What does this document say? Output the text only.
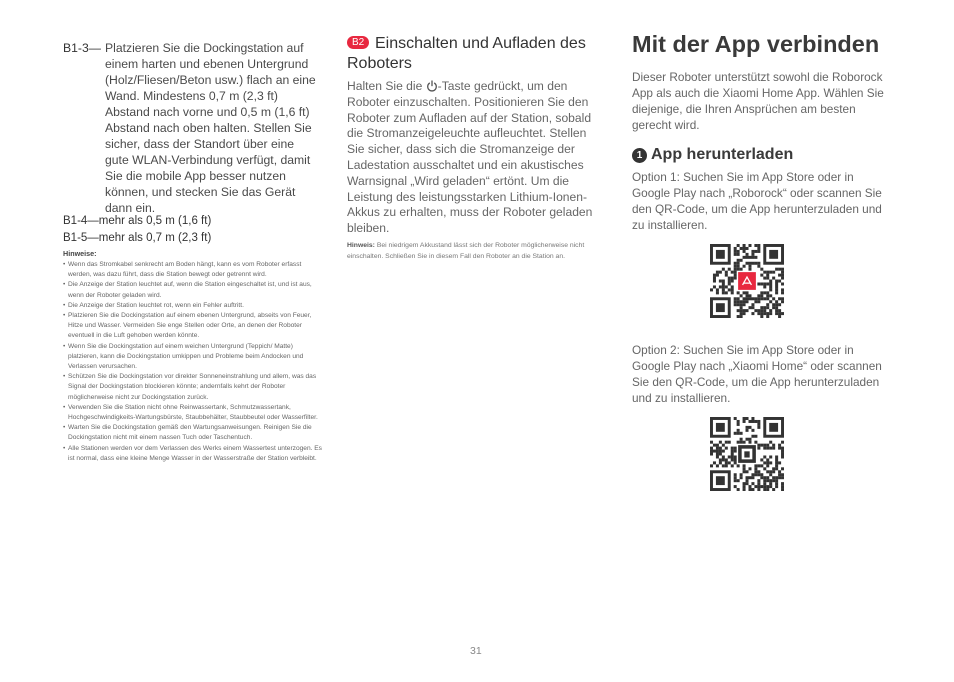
B1-3— Platzieren Sie die Dockingstation auf einem harten und ebenen Untergrund (Holz/Fliesen/Beton usw.) flach an eine Wand. Mindestens 0,7 m (2,3 ft) Abstand nach vorne und 0,5 m (1,6 ft) Abstand nach oben halten. Stellen Sie sicher, dass der Standort über eine gute WLAN-Verbindung verfügt, damit Sie die mobile App besser nutzen können, und stecken Sie das Gerät dann ein.
B1-4—mehr als 0,5 m (1,6 ft)
B1-5—mehr als 0,7 m (2,3 ft)
Hinweise:
• Wenn das Stromkabel senkrecht am Boden hängt, kann es vom Roboter erfasst werden, was dazu führt, dass die Station bewegt oder getrennt wird.
• Die Anzeige der Station leuchtet auf, wenn die Station eingeschaltet ist, und ist aus, wenn der Roboter geladen wird.
• Die Anzeige der Station leuchtet rot, wenn ein Fehler auftritt.
• Platzieren Sie die Dockingstation auf einem ebenen Untergrund, abseits von Feuer, Hitze und Wasser. Vermeiden Sie enge Stellen oder Orte, an denen der Roboter eventuell in die Luft gehoben werden könnte.
• Wenn Sie die Dockingstation auf einem weichen Untergrund (Teppich/ Matte) platzieren, kann die Dockingstation umkippen und Probleme beim Andocken und Verlassen verursachen.
• Schützen Sie die Dockingstation vor direkter Sonneneinstrahlung und allem, was das Signal der Dockingstation blockieren könnte; andernfalls kehrt der Roboter möglicherweise nicht zur Dockingstation zurück.
• Verwenden Sie die Station nicht ohne Reinwassertank, Schmutzwassertank, Hochgeschwindigkeits-Wartungsbürste, Staubbehälter, Staubbeutel oder Wasserfilter.
• Warten Sie die Dockingstation gemäß den Wartungsanweisungen. Reinigen Sie die Dockingstation nicht mit einem nassen Tuch oder Taschentuch.
• Alle Stationen werden vor dem Verlassen des Werks einem Wassertest unterzogen. Es ist normal, dass eine kleine Menge Wasser in der Wasserstraße der Station verbleibt.
B2 Einschalten und Aufladen des Roboters

Halten Sie die -Taste gedrückt, um den Roboter einzuschalten. Positionieren Sie den Roboter zum Aufladen auf der Station, sobald die Stromanzeigeleuchte aufleuchtet. Stellen Sie sicher, dass sich die Stromanzeige der Ladestation ausschaltet und ein akustisches Warnsignal „Wird geladen“ ertönt. Um die Leistung des leistungsstarken Lithium-Ionen-Akkus zu erhalten, muss der Roboter geladen bleiben.

Hinweis: Bei niedrigem Akkustand lässt sich der Roboter möglicherweise nicht einschalten. Schließen Sie in diesem Fall den Roboter an die Station an.

Mit der App verbinden

Dieser Roboter unterstützt sowohl die Roborock App als auch die Xiaomi Home App. Wählen Sie diejenige, die Ihren Ansprüchen am besten gerecht wird.

1 App herunterladen

Option 1: Suchen Sie im App Store oder in Google Play nach „Roborock“ oder scannen Sie den QR-Code, um die App herunterzuladen und zu installieren.

Option 2: Suchen Sie im App Store oder in Google Play nach „Xiaomi Home“ oder scannen Sie den QR-Code, um die App herunterzuladen und zu installieren.

31
